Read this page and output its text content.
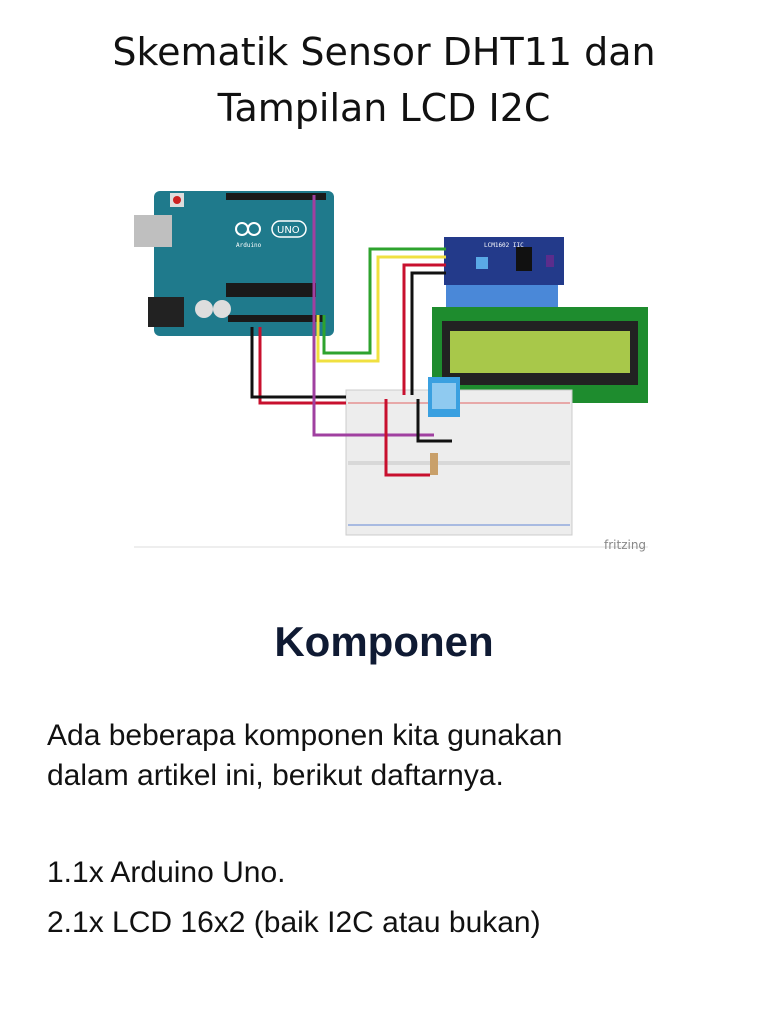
Skematik Sensor DHT11 dan
Tampilan LCD I2C
Arduino
UNO
LCM1602 IIC
fritzing
Komponen
Ada beberapa komponen kita gunakan
dalam artikel ini, berikut daftarnya.
1.1x Arduino Uno.
2.1x LCD 16x2 (baik I2C atau bukan)
